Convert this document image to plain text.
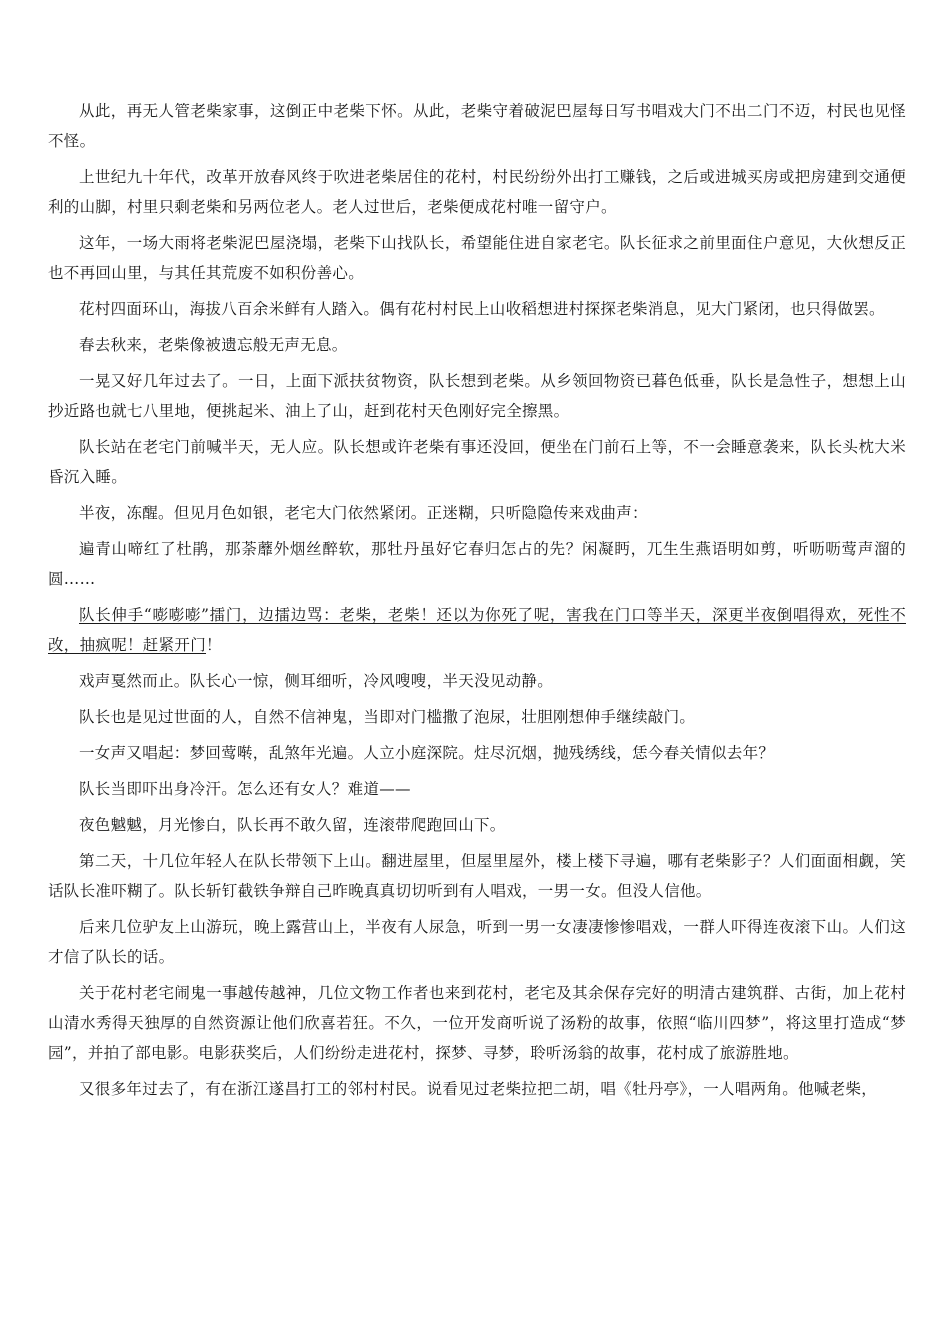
从此，再无人管老柴家事，这倒正中老柴下怀。从此，老柴守着破泥巴屋每日写书唱戏大门不出二门不迈，村民也见怪不怪。

上世纪九十年代，改革开放春风终于吹进老柴居住的花村，村民纷纷外出打工赚钱，之后或进城买房或把房建到交通便利的山脚，村里只剩老柴和另两位老人。老人过世后，老柴便成花村唯一留守户。

这年，一场大雨将老柴泥巴屋浇塌，老柴下山找队长，希望能住进自家老宅。队长征求之前里面住户意见，大伙想反正也不再回山里，与其任其荒废不如积份善心。

花村四面环山，海拔八百余米鲜有人踏入。偶有花村村民上山收稻想进村探探老柴消息，见大门紧闭，也只得做罢。

春去秋来，老柴像被遗忘般无声无息。

一晃又好几年过去了。一日，上面下派扶贫物资，队长想到老柴。从乡领回物资已暮色低垂，队长是急性子，想想上山抄近路也就七八里地，便挑起米、油上了山，赶到花村天色刚好完全擦黑。

队长站在老宅门前喊半天，无人应。队长想或许老柴有事还没回，便坐在门前石上等，不一会睡意袭来，队长头枕大米昏沉入睡。

半夜，冻醒。但见月色如银，老宅大门依然紧闭。正迷糊，只听隐隐传来戏曲声：

遍青山啼红了杜鹃，那荼蘼外烟丝醉软，那牡丹虽好它春归怎占的先？闲凝眄，兀生生燕语明如剪，听呖呖莺声溜的圆……

队长伸手“嘭嘭嘭”擂门，边擂边骂：老柴，老柴！还以为你死了呢，害我在门口等半天，深更半夜倒唱得欢，死性不改，抽疯呢！赶紧开门！

戏声戛然而止。队长心一惊，侧耳细听，冷风嗖嗖，半天没见动静。

队长也是见过世面的人，自然不信神鬼，当即对门槛撒了泡尿，壮胆刚想伸手继续敲门。

一女声又唱起：梦回莺啭，乱煞年光遍。人立小庭深院。炷尽沉烟，抛残绣线，恁今春关情似去年？

队长当即吓出身冷汗。怎么还有女人？难道——

夜色魆魆，月光惨白，队长再不敢久留，连滚带爬跑回山下。

第二天，十几位年轻人在队长带领下上山。翻进屋里，但屋里屋外，楼上楼下寻遍，哪有老柴影子？人们面面相觑，笑话队长准吓糊了。队长斩钉截铁争辩自己昨晚真真切切听到有人唱戏，一男一女。但没人信他。

后来几位驴友上山游玩，晚上露营山上，半夜有人尿急，听到一男一女凄凄惨惨唱戏，一群人吓得连夜滚下山。人们这才信了队长的话。

关于花村老宅闹鬼一事越传越神，几位文物工作者也来到花村，老宅及其余保存完好的明清古建筑群、古街，加上花村山清水秀得天独厚的自然资源让他们欣喜若狂。不久，一位开发商听说了汤粉的故事，依照“临川四梦”，将这里打造成“梦园”，并拍了部电影。电影获奖后，人们纷纷走进花村，探梦、寻梦，聆听汤翁的故事，花村成了旅游胜地。

又很多年过去了，有在浙江遂昌打工的邻村村民。说看见过老柴拉把二胡，唱《牡丹亭》，一人唱两角。他喊老柴，
